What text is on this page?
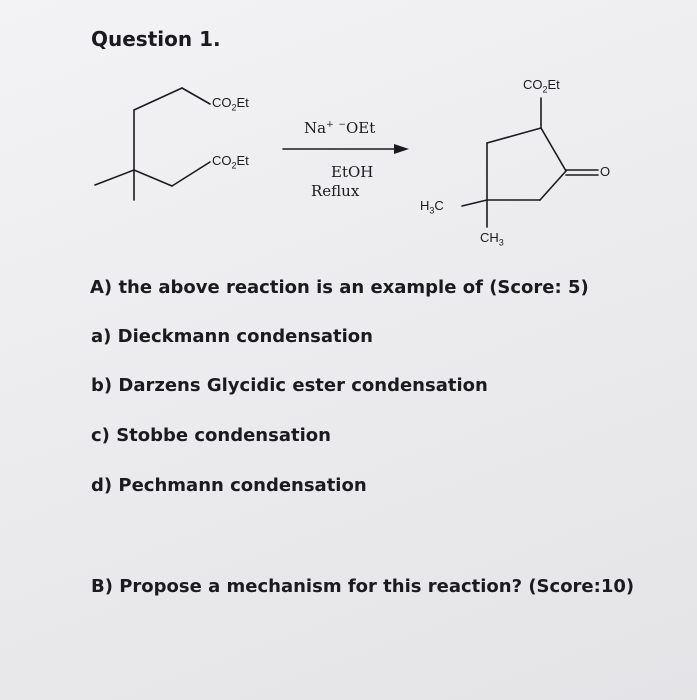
Question 1.
$CO_2Et$
$CO_2Et$
Na+ −OEt
EtOH
Reflux
$CO_2Et$
O
$H_3C$
$CH_3$
A) the above reaction is an example of (Score: 5)
a) Dieckmann condensation
b) Darzens Glycidic ester condensation
c) Stobbe condensation
d) Pechmann condensation
B) Propose a mechanism for this reaction? (Score:10)
